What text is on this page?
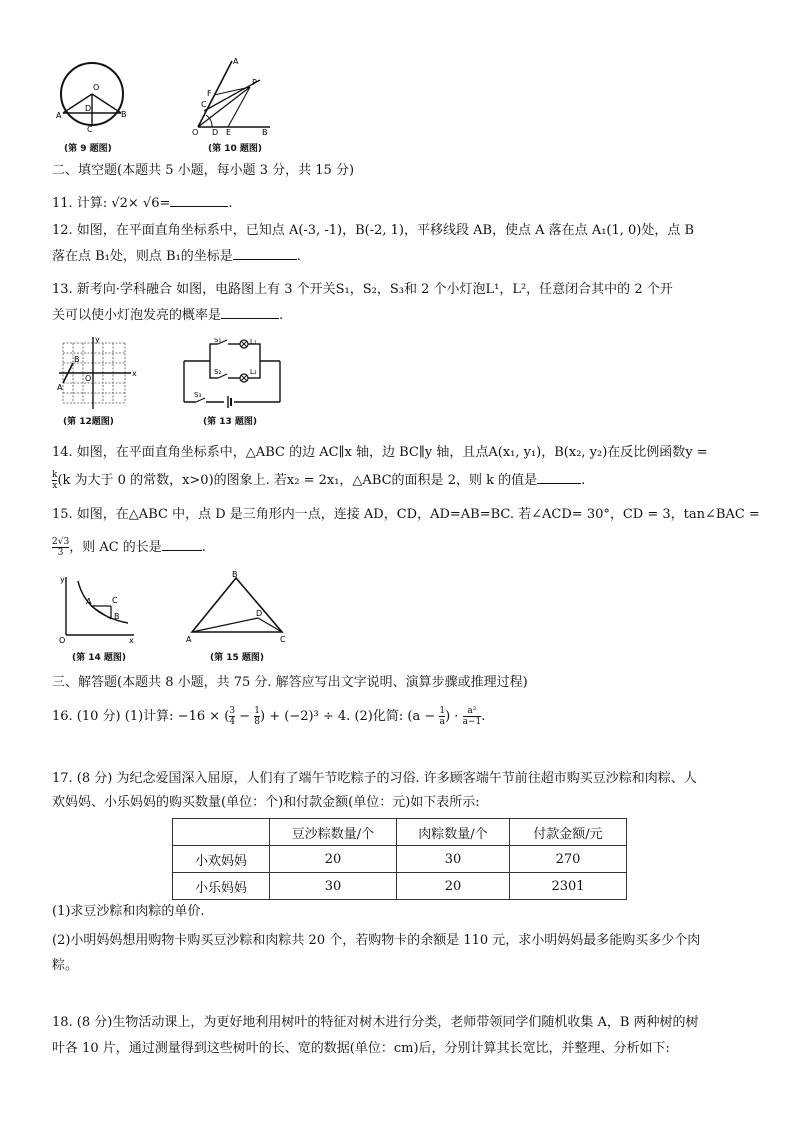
O
A	B
D
C
(第 9 题图)
A
P
F
C
O D E	B
(第 10 题图)
二、填空题(本题共 5 小题，每小题 3 分，共 15 分)
11. 计算: √2× √6=	.
12. 如图，在平面直角坐标系中，已知点 A(-3, -1)，B(-2, 1)，平移线段 AB，使点 A 落在点 A₁(1, 0)处，点 B
落在点 B₁处，则点 B₁的坐标是	.
13. 新考向·学科融合 如图，电路图上有 3 个开关S₁，S₂，S₃和 2 个小灯泡L¹，L²，任意闭合其中的 2 个开
关可以使小灯泡发亮的概率是	.
x
y
O
A
B
(第 12题图)
S₁
S₂
S₃
L₁
L₂
(第 13 题图)
14. 如图，在平面直角坐标系中，△ABC 的边 AC∥x 轴，边 BC∥y 轴，且点A(x₁, y₁)，B(x₂, y₂)在反比例函数y =
$\frac{k}{x} (k$ 为大于 0 的常数，x>0)的图象上. 若x₂ = 2x₁，△ABC的面积是 2，则 k 的值是	.
15. 如图，在△ABC 中，点 D 是三角形内一点，连接 AD，CD，AD=AB=BC. 若∠ACD= 30°，CD = 3，tan∠BAC =
$\frac{2√3}{3}$ ，则 AC 的长是	.
y
x
O
A	C
B
(第 14 题图)
B
A	C
D
(第 15 题图)
三、解答题(本题共 8 小题，共 75 分. 解答应写出文字说明、演算步骤或推理过程)
16. (10 分) (1)计算: −16 × ( $\frac{3}{4} - \frac{1}{8}$ ) + (−2)³ ÷ 4. (2)化简: ($a - \frac{1}{a}$ ) · $\frac{\text{a²}}{a-1}$ .
17. (8 分) 为纪念爱国深入屈原，人们有了端午节吃粽子的习俗. 许多顾客端午节前往超市购买豆沙粽和肉粽、人
欢妈妈、小乐妈妈的购买数量(单位：个)和付款金额(单位：元)如下表所示:
	豆沙粽数量/个	肉粽数量/个	付款金额/元
小欢妈妈	20	30	270
小乐妈妈	30	20	2301
(1)求豆沙粽和肉粽的单价.
(2)小明妈妈想用购物卡购买豆沙粽和肉粽共 20 个，若购物卡的余额是 110 元，求小明妈妈最多能购买多少个肉
粽。
18. (8 分)生物活动课上，为更好地利用树叶的特征对树木进行分类，老师带领同学们随机收集 A，B 两种树的树
叶各 10 片，通过测量得到这些树叶的长、宽的数据(单位：cm)后，分别计算其长宽比，并整理、分析如下:
